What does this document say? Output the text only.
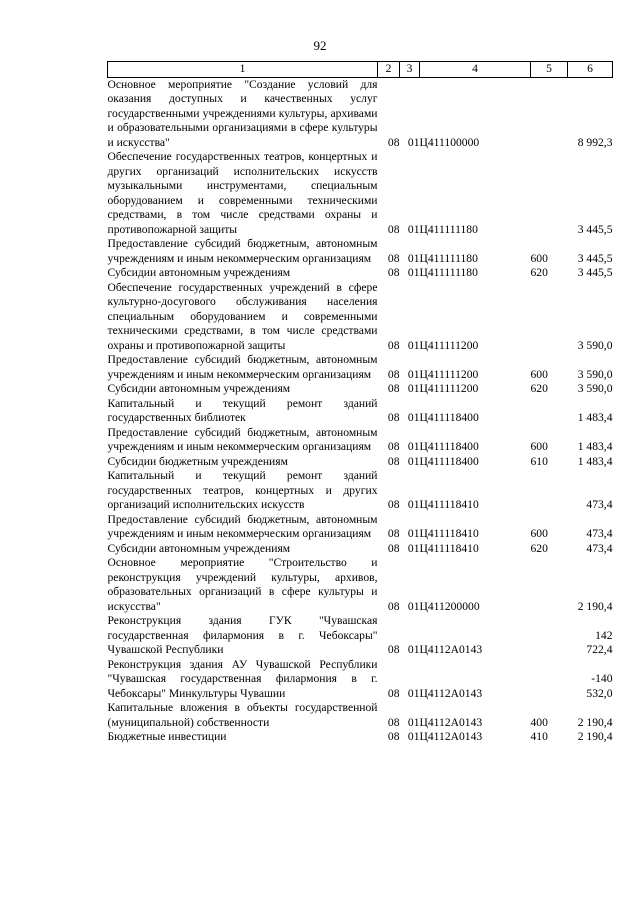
92
1	2	3	4	5	6
Основное мероприятие "Создание условий для оказания доступных и качественных услуг государственными учреждениями культуры, архивами и образовательными организациями в сфере культуры и искусства"	08	01	Ц411100000		8 992,3
Обеспечение государственных театров, концертных и других организаций исполнительских искусств музыкальными инструментами, специальным оборудованием и современными техническими средствами, в том числе средствами охраны и противопожарной защиты	08	01	Ц411111180		3 445,5
Предоставление субсидий бюджетным, автономным учреждениям и иным некоммерческим организациям	08	01	Ц411111180	600	3 445,5
Субсидии автономным учреждениям	08	01	Ц411111180	620	3 445,5
Обеспечение государственных учреждений в сфере культурно-досугового обслуживания населения специальным оборудованием и современными техническими средствами, в том числе средствами охраны и противопожарной защиты	08	01	Ц411111200		3 590,0
Предоставление субсидий бюджетным, автономным учреждениям и иным некоммерческим организациям	08	01	Ц411111200	600	3 590,0
Субсидии автономным учреждениям	08	01	Ц411111200	620	3 590,0
Капитальный и текущий ремонт зданий государственных библиотек	08	01	Ц411118400		1 483,4
Предоставление субсидий бюджетным, автономным учреждениям и иным некоммерческим организациям	08	01	Ц411118400	600	1 483,4
Субсидии бюджетным учреждениям	08	01	Ц411118400	610	1 483,4
Капитальный и текущий ремонт зданий государственных театров, концертных и других организаций исполнительских искусств	08	01	Ц411118410		473,4
Предоставление субсидий бюджетным, автономным учреждениям и иным некоммерческим организациям	08	01	Ц411118410	600	473,4
Субсидии автономным учреждениям	08	01	Ц411118410	620	473,4
Основное мероприятие "Строительство и реконструкция учреждений культуры, архивов, образовательных организаций в сфере культуры и искусства"	08	01	Ц411200000		2 190,4
Реконструкция здания ГУК "Чувашская государственная филармония в г. Чебоксары" Чувашской Республики	08	01	Ц4112А0143		142 722,4
Реконструкция здания АУ Чувашской Республики "Чувашская государственная филармония в г. Чебоксары" Минкультуры Чувашии	08	01	Ц4112А0143		-140 532,0
Капитальные вложения в объекты государственной (муниципальной) собственности	08	01	Ц4112А0143	400	2 190,4
Бюджетные инвестиции	08	01	Ц4112А0143	410	2 190,4
